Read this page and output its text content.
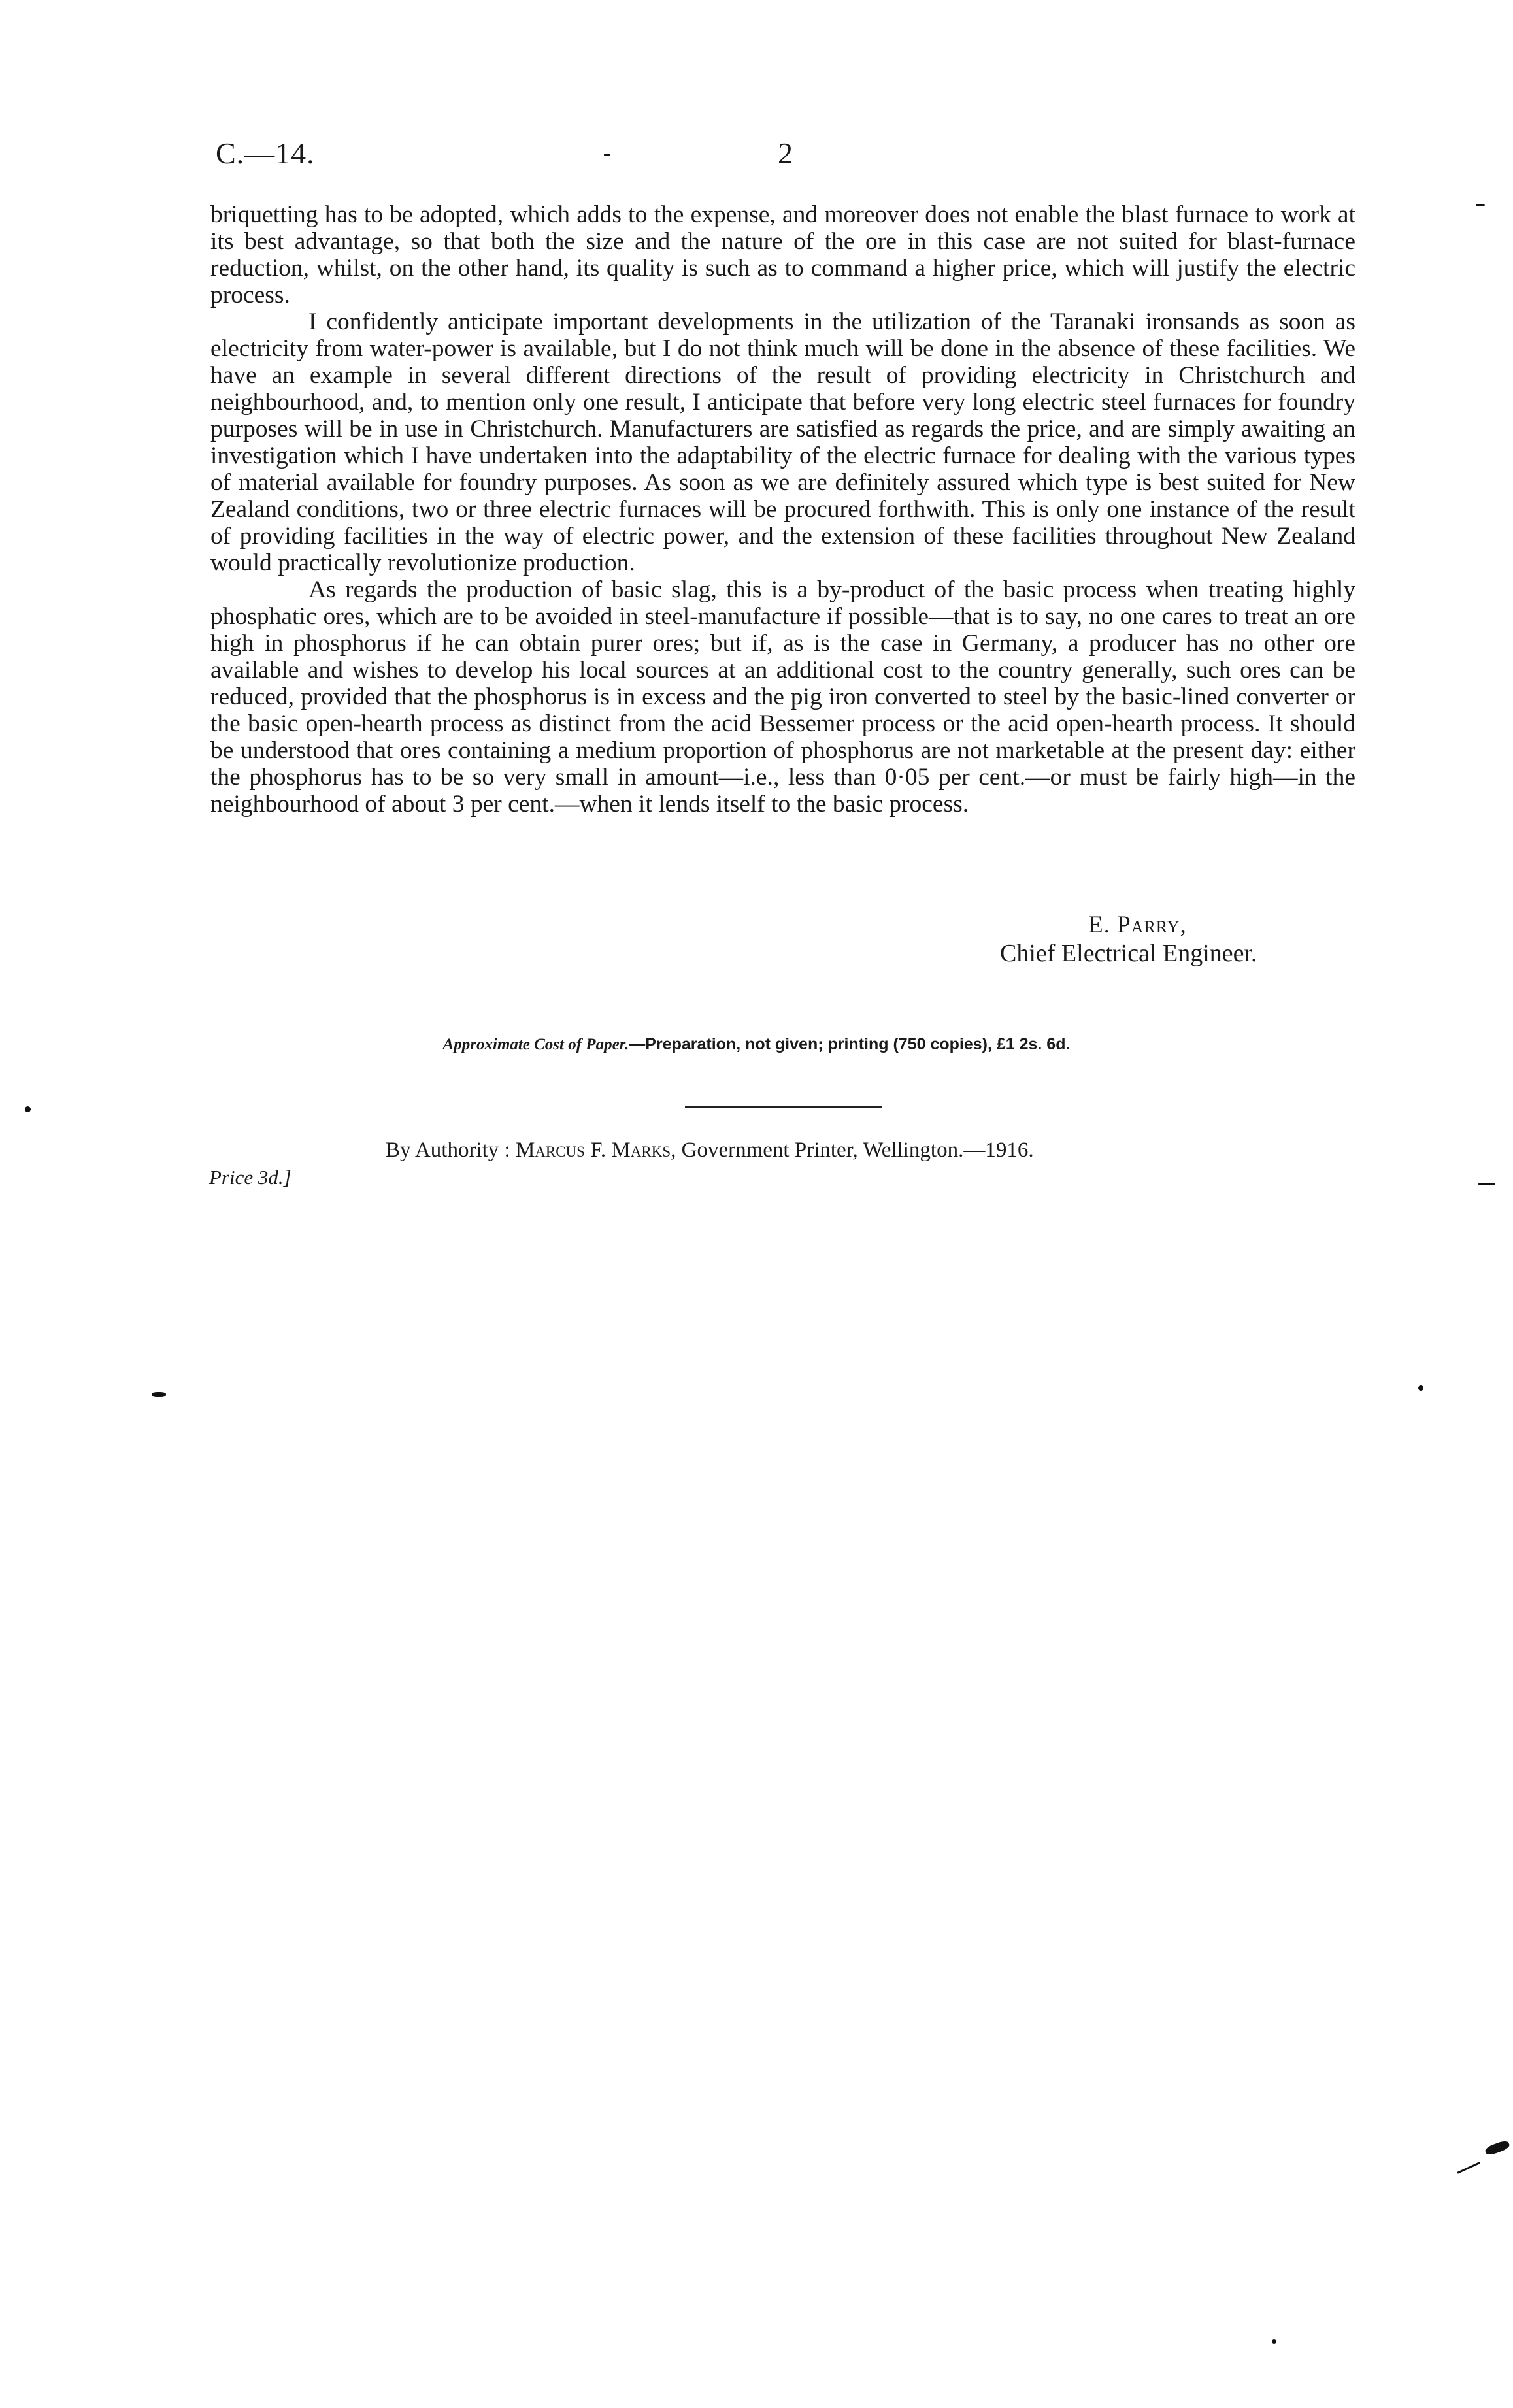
C.—14.	2

briquetting has to be adopted, which adds to the expense, and moreover does not enable the blast furnace to work at its best advantage, so that both the size and the nature of the ore in this case are not suited for blast-furnace reduction, whilst, on the other hand, its quality is such as to command a higher price, which will justify the electric process.

I confidently anticipate important developments in the utilization of the Taranaki ironsands as soon as electricity from water-power is available, but I do not think much will be done in the absence of these facilities. We have an example in several different directions of the result of providing electricity in Christchurch and neighbourhood, and, to mention only one result, I anticipate that before very long electric steel furnaces for foundry purposes will be in use in Christchurch. Manufacturers are satisfied as regards the price, and are simply awaiting an investigation which I have undertaken into the adaptability of the electric furnace for dealing with the various types of material available for foundry purposes. As soon as we are definitely assured which type is best suited for New Zealand conditions, two or three electric furnaces will be procured forthwith. This is only one instance of the result of providing facilities in the way of electric power, and the extension of these facilities throughout New Zealand would practically revolutionize production.

As regards the production of basic slag, this is a by-product of the basic process when treating highly phosphatic ores, which are to be avoided in steel-manufacture if possible—that is to say, no one cares to treat an ore high in phosphorus if he can obtain purer ores; but if, as is the case in Germany, a producer has no other ore available and wishes to develop his local sources at an additional cost to the country generally, such ores can be reduced, provided that the phosphorus is in excess and the pig iron converted to steel by the basic-lined converter or the basic open-hearth process as distinct from the acid Bessemer process or the acid open-hearth process. It should be understood that ores containing a medium proportion of phosphorus are not marketable at the present day: either the phosphorus has to be so very small in amount—i.e., less than 0·05 per cent.—or must be fairly high—in the neighbourhood of about 3 per cent.—when it lends itself to the basic process.

E. Parry,
Chief Electrical Engineer.
Approximate Cost of Paper.—Preparation, not given; printing (750 copies), £1 2s. 6d.
By Authority : Marcus F. Marks, Government Printer, Wellington.—1916.
Price 3d.]
